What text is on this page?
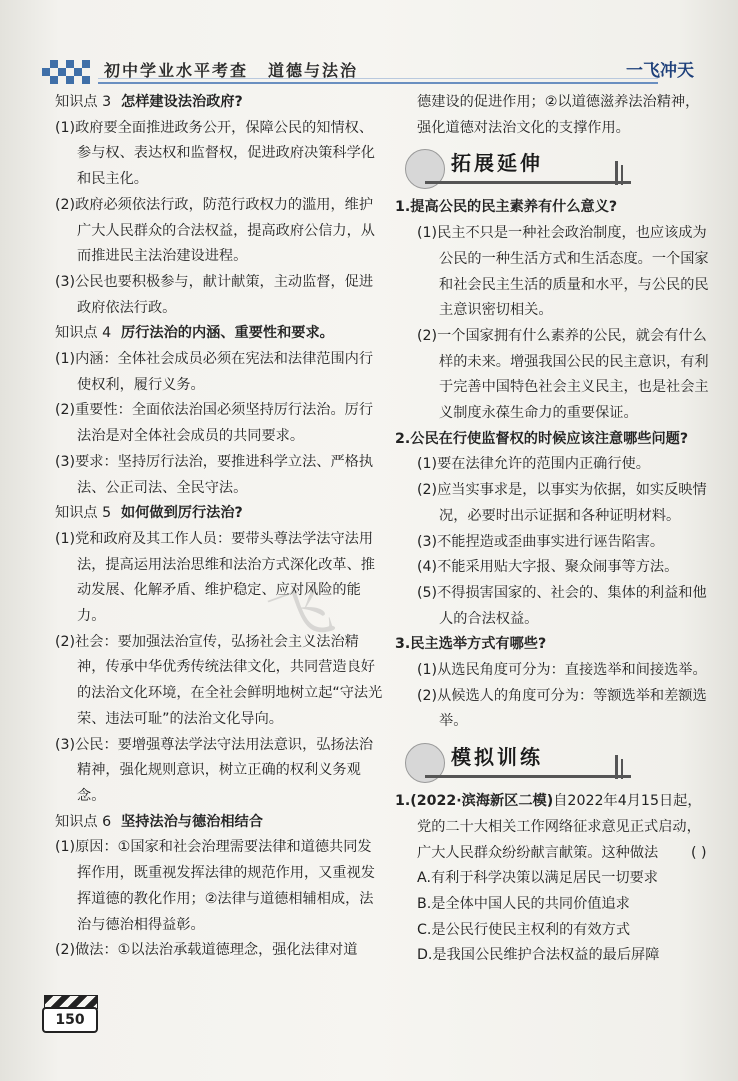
初中学业水平考查 道德与法治	一飞冲天
知识点 3 怎样建设法治政府?
(1)政府要全面推进政务公开，保障公民的知情权、参与权、表达权和监督权，促进政府决策科学化和民主化。
(2)政府必须依法行政，防范行政权力的滥用，维护广大人民群众的合法权益，提高政府公信力，从而推进民主法治建设进程。
(3)公民也要积极参与，献计献策，主动监督，促进政府依法行政。
知识点 4 厉行法治的内涵、重要性和要求。
(1)内涵：全体社会成员必须在宪法和法律范围内行使权利，履行义务。
(2)重要性：全面依法治国必须坚持厉行法治。厉行法治是对全体社会成员的共同要求。
(3)要求：坚持厉行法治，要推进科学立法、严格执法、公正司法、全民守法。
知识点 5 如何做到厉行法治?
(1)党和政府及其工作人员：要带头尊法学法守法用法，提高运用法治思维和法治方式深化改革、推动发展、化解矛盾、维护稳定、应对风险的能力。
(2)社会：要加强法治宣传，弘扬社会主义法治精神，传承中华优秀传统法律文化，共同营造良好的法治文化环境，在全社会鲜明地树立起“守法光荣、违法可耻”的法治文化导向。
(3)公民：要增强尊法学法守法用法意识，弘扬法治精神，强化规则意识，树立正确的权利义务观念。
知识点 6 坚持法治与德治相结合
(1)原因：①国家和社会治理需要法律和道德共同发挥作用，既重视发挥法律的规范作用，又重视发挥道德的教化作用；②法律与道德相辅相成，法治与德治相得益彰。
(2)做法：①以法治承载道德理念，强化法律对道
德建设的促进作用；②以道德滋养法治精神，强化道德对法治文化的支撑作用。
拓展延伸
1.提高公民的民主素养有什么意义?
(1)民主不只是一种社会政治制度，也应该成为公民的一种生活方式和生活态度。一个国家和社会民主生活的质量和水平，与公民的民主意识密切相关。
(2)一个国家拥有什么素养的公民，就会有什么样的未来。增强我国公民的民主意识，有利于完善中国特色社会主义民主，也是社会主义制度永葆生命力的重要保证。
2.公民在行使监督权的时候应该注意哪些问题?
(1)要在法律允许的范围内正确行使。
(2)应当实事求是，以事实为依据，如实反映情况，必要时出示证据和各种证明材料。
(3)不能捏造或歪曲事实进行诬告陷害。
(4)不能采用贴大字报、聚众闹事等方法。
(5)不得损害国家的、社会的、集体的利益和他人的合法权益。
3.民主选举方式有哪些?
(1)从选民角度可分为：直接选举和间接选举。
(2)从候选人的角度可分为：等额选举和差额选举。
模拟训练
1.(2022·滨海新区二模)自2022年4月15日起，党的二十大相关工作网络征求意见正式启动，广大人民群众纷纷献言献策。这种做法 ( )
A.有利于科学决策以满足居民一切要求
B.是全体中国人民的共同价值追求
C.是公民行使民主权利的有效方式
D.是我国公民维护合法权益的最后屏障
飞
150
